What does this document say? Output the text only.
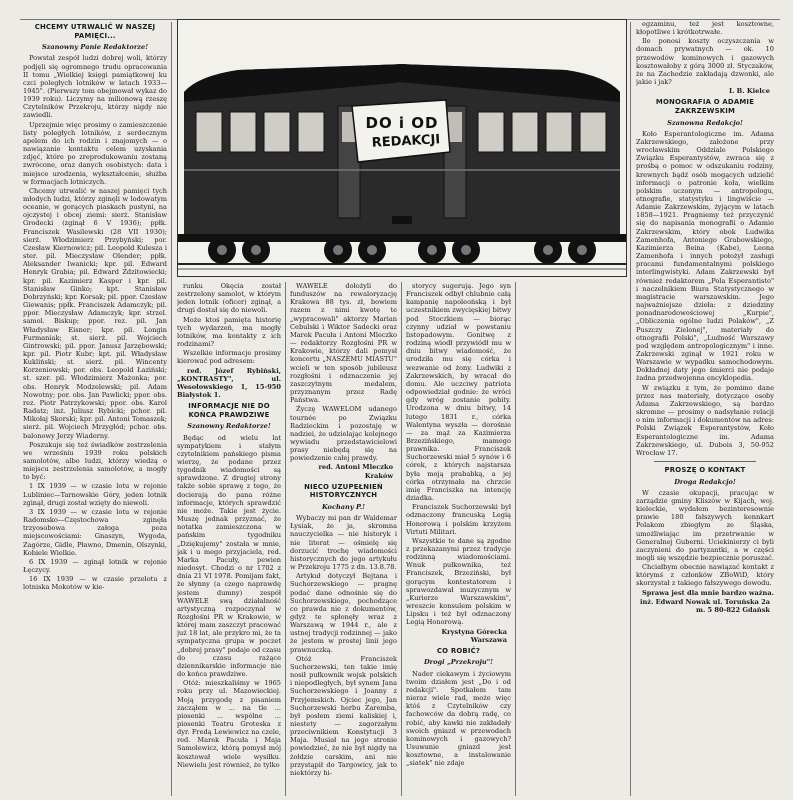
CHCEMY UTRWALIĆ W NASZEJ PAMIĘCI...
Szanowny Panie Redaktorze!

Powstał zespół ludzi dobrej woli, którzy podjęli się ogromnego trudu opracowania II tomu „Wielkiej księgi pamiątkowej ku czci poległych lotników w latach 1933—1945". (Pierwszy tom obejmował wykaz do 1939 roku). Liczymy na milionową rzeszę Czytelników Przekroju, którzy nigdy nie zawiedli.

Uprzejmie więc prosimy o zamieszczenie listy poległych lotników, z serdecznym apelem do ich rodzin i znajomych — o nawiązanie kontaktu celem uzyskania zdjęć, które po zreprodukowaniu zostaną zwrócone, oraz danych osobistych: data i miejsce urodzenia, wykształcenie, służba w formacjach lotniczych.

Chcemy utrwalić w naszej pamięci tych młodych ludzi, którzy zginęli w lodowatym oceanie, w gorących piaskach pustyni, na ojczystej i obcej ziemi: sierż. Stanisław Grodecki (zginął 6 V 1936); ppłk. Franciszek Wasilewski (28 VII 1930); sierż. Włodzimierz Przybyński; por. Czesław Kiernowicz; pil. Leopold Kulesza i ster. pil. Mieczysław Olender; ppłk. Aleksander Iwanicki; kpr. pil. Edward Henryk Grabia; pil. Edward Zdzitowiecki; kpr. pil. Kazimierz Kasper i kpr. pil. Stanisław Ginko; kpt. Stanisław Dobrzyński; kpr. Korsak; pil. ppor. Czesław Giewanis; ppłk. Franciszek Adamczyk; pil. ppor. Mieczysław Adamczyk; kpr. strzel. samol. Biskup; ppor. rez. pil. Jan Władysław Eisner; kpr. pil. Longin Furmaniak; st. sierż. pil. Wojciech Gintrowski; pil. ppor. Janusz Jarzębowski; kpr. pil. Piotr Kubr; kpt. pil. Władysław Kukliński; st. sierż. pil. Wincenty Korzeniowski; por. obs. Leopold Łaziński; st. szer. pil. Włodzimierz Mażonka; por. obs. Henryk Modzelewski; pil. Adam Nowotny; por. obs. Jan Pawlicki; ppor. obs. rez. Piotr Patrzykowski; ppor. obs. Karol Radatz; inż. Juliusz Rybicki; pchor. pil. Mikołaj Skorski; kpr. pil. Antoni Tomaszek; sierż. pil. Wojciech Mrzygłód; pchor. obs. balonowy Jerzy Wiaderny.

Poszukuje się też świadków zestrzelenia we wrześniu 1939 roku polskich samolotów, albo ludzi, którzy wiedzą o miejscu zestrzelenia samolotów, a mogły to być:

1 IX 1939 — w czasie lotu w rejonie Lubliniec—Tarnowskie Góry, jeden lotnik zginął, drugi został wzięty do niewoli.

3 IX 1939 — w czasie lotu w rejonie Radomsko—Częstochowa zginęła trzyosobowa załoga poza miejscowościami: Gnaszyn, Wygoda, Zagórze, Gidle, Pławno, Dmenin, Olszynki, Kobiele Wielkie.

6 IX 1939 — zginął lotnik w rejonie Łęczycy.

16 IX 1939 — w czasie przelotu z lotniska Mokotów w kie-

DO i OD
REDAKCJI

runku Okęcia został zestrzelony samolot, w którym jeden lotnik (oficer) zginął, a drugi dostał się do niewoli.

Może ktoś pamięta historię tych wydarzeń, ma mogły lotników, ma kontakty z ich rodzinami?

Wszelkie informacje prosimy kierować pod adresem:

red. Józef Rybiński, „KONTRASTY", ul. Wesołowskiego 1, 15-950 Białystok 1.

INFORMACJE NIE DO KOŃCA PRAWDZIWE
Szanowny Redaktorze!

Będąc od wielu lat sympatykiem i stałym czytelnikiem pańskiego pisma wierzę, że podane przez tygodnik wiadomości są sprawdzone. Z drugiej strony także sobie sprawę z tego, że docierają do pana różne informacje, których sprawdzić nie może. Takie jest życie. Muszę jednak przyznać, że notatka zamieszczona w pańskim tygodniku „Dziękujemy" została w mnie, jak i u mego przyjaciela, red. Marka Pacuły, pewien niedosyt. Chodzi o nr 1702 z dnia 21 VI 1978. Pomijam fakt, że słynny (a czego naprawdę jestem dumny) zespół WAWELE swą działalność artystyczną rozpoczynał w Rozgłośni PR w Krakowie, w której mam zaszczyt pracować już 18 lat, ale przykro mi, że ta sympatyczna grupa w poczet „dobrej prasy" podaje od czasu do czasu rażące dziennikarskie informacje nie do końca prawdziwe.

Otóż: mieszkaliśmy w 1965 roku przy ul. Mazowieckiej. Moją przygodę z pisaniem zacząłem w ... na tle ... piosenki ... wspólne ... piosenki Teatru Groteska z dyr. Fredą Lewiewicz na czele, red. Marek Pacuła i Maja Samolewicz, którą pomysł mój kosztował wiele wysiłku. Niewielu jest również, że tylko

WAWELE dołożyli do funduszów na rewaloryzację Krakowa 88 tys. zł, bowiem razem z nimi kwotę te „wypracowali" aktorzy Marian Cebulski i Wiktor Sadecki oraz Marek Pacuła i Antoni Mleczko — redaktorzy Rozgłośni PR w Krakowie, którzy dali pomysł koncertu „NASZEMU MIASTU" wcieli w ten sposób jubileusz rozgłośni i odznaczenie jej zaszczytnym medalem, przyznanym przez Radę Państwa.

Życzę WAWELOM udanego tournée po Związku Radzieckim i pozostaję w nadziei, że udzielając kolejnego wywiadu przedstawicielowi prasy niebędą się na powiedzenie całej prawdy.

red. Antoni Mleczko Kraków
NIECO UZUPEŁNIEŃ HISTORYCZNYCH
Kochany P.!

Wybaczy mi pan dr Waldemar Łysiak, że ja, skromna nauczycielka — nie historyk i nie literat — ośmielę się dorzucić trochę wiadomości historycznych do jego artykułu w Przekroju 1775 z dn. 13.8.78.

Artykuł dotyczył Bejtana i Suchorzewskiego — pragnę podać dane odnośnie się do Suchorzewskiego, pochodzące co prawda nie z dokumentów, gdyż te spłonęły wraz z Warszawą w 1944 r., ale z ustnej tradycji rodzinnej — jako że jestem w prostej linii jego prawnuczką.

Otóż Franciszek Suchorzewski, ten takie imię nosił pułkownik wojsk polskich i niepodległych, był synem Jana Suchorzewskiego i Joanny z Przyjemskich. Ojciec jego, Jan Suchorzewski herbu Zaremba, był posłem ziemi kaliskiej i, niestety — zagorzałym przeciwnikiem Konstytucji 3 Maja. Musiał na jego stronie powiedzieć, że nie był nigdy na żołdzie carskim, ani nie przystąpił do Targowicy, jak to niektórzy hi-

storycy sugerują. Jego syn Franciszek odbył chlubnie całą kampanię napoleońską i był uczestnikiem zwycięskiej bitwy pod Stoczkiem — biorąc czynny udział w powstaniu listopadowym. Gonitwę z rodziną wiodł przywiódł mu w dniu bitwy wiadomość, że urodziła mu się córka i wezwanie od żony. Ludwiki z Zakrzewskich, by wracał do domu. Ale uczciwy patriota odpowiedział godnie: że wróci gdy wróg zostanie pobity. Urodzona w dniu bitwy, 14 lutego 1831 r., córka Walentyna wyszła — dorośnie — za mąż za Kazimierza Brzezińskiego, mamego prawnika. Franciszek Suchorzewski miał 5 synów i 6 córek, z których najstarsza była moją prababką, a jej córka otrzymała na chrzcie imię Franciszka na intencję dziadka.

Franciszek Suchorzewski był odznaczony francuską Legią Honorową i polskim krzyżem Virtuti Militari.

Wszystkie te dane są zgodne z przekazanymi przez tradycje rodzinną wiadomościami. Wnuk pułkownika, też Franciszek, Brzeziński, był gorącym kontestatorem i sprawozdawał muzycznym w „Kurierze Warszawskim", wreszcie konsulem polskim w Lipsku i też był odznaczony Legią Honorową.

Krystyna Górecka Warszawa
CO ROBIĆ?
Drogi „Przekroju"!

Nader ciekawym i życiowym twoim działem jest „Do i od redakcji". Spotkałem tam nieraz wiele rad, może więc któś z Czytelników czy fachowców da dobrą radę, co robić, aby kawki nie zakładały swoich gniazd w przewodach kominowych i gazowych? Usuwanie gniazd jest kosztowne, a instalowanie „siatek" nie zdaje

egzaminu, też jest kosztowne, kłopotliwe i krótkotrwałe.

Ile ponosi koszty oczyszczania w domach prywatnych — ok. 10 przewodów kominowych i gazowych kosztowałoby z górą 3000 zł. Styczaków, że na Zachodzie zakładają dzwonki, ale jakie i jak?

I. B. Kielce
MONOGRAFIA O ADAMIE ZAKRZEWSKIM
Szanowna Redakcjo!

Koło Esperantologiczne im. Adama Zakrzewskiego, założone przy wrocławskim Oddziale Polskiego Związku Esperantystów, zwraca się z prośbą o pomoc w odszukaniu rodziny, krewnych bądź osób mogących udzielić informacji o patronie koła, wielkim polskim uczonym — antropologu, etnografie, statystyku i lingwiście — Adamie Zakrzewskim, żyjącym w latach 1858—1921. Pragniemy też przyczynić się do napisania monografii o Adamie Zakrzewskim, który obok Ludwika Zamenhofa, Antoniego Grabowskiego, Kazimierza Beina (Kabe), Leona Zamenhofa i innych położył zasługi pracami fundamentalnymi polskiego interlingwistyki. Adam Zakrzewski był również redaktorem „Pola Esperantisto" i naczelnikiem Biura Statystycznego w magistracie warszawskim. Jego najważniejsze dzieła: z dziedziny ponadnarodowościowej „Kurpie", „Obliczenia ogólne ludzi Polaków", „Z Puszczy Zielonej", materiały do etnografii Polski", „Ludność Warszawy pod względem antropologicznym" i inne. Zakrzewski zginął w 1921 roku w Warszawie w wypadku samochodowym. Dokładnej daty jego śmierci nie podaje żadna przedwojenna encyklopedia.

W związku z tym, że pomimo dane przez nas materiały, dotyczące osoby Adama Zakrzewskiego, są bardzo skromne — prosimy o nadsyłanie relacji o nim informacji i dokumentów na adres: Polski Związek Esperantystów, Koło Esperantologiczne im. Adama Zakrzewskiego, ul. Dubois 3, 50-952 Wrocław 17.

PROSZĘ O KONTAKT
Droga Redakcjo!

W czasie okupacji, pracując w zarządzie gminy Kliszów w Kijach, woj. kieleckie, wydałem bezinteresownie prawie 180 fałszywych kennkart Polakom zbiegłym ze Śląska, umożliwiając im przetrwanie w Generalnej Guberni. Uciekinierzy ci byli zaczynieni do partyzantki, a w części mogli się wszędzie bezpiecznie poruszać.

Chciałbym obecnie nawiązać kontakt z którymś z członków ZBoWiD, który skorzystał z takiego fałszywego dowodu.

Sprawa jest dla mnie bardzo ważna.

inż. Edward Nowak ul. Toruńska 2a m. 5 80-822 Gdańsk
